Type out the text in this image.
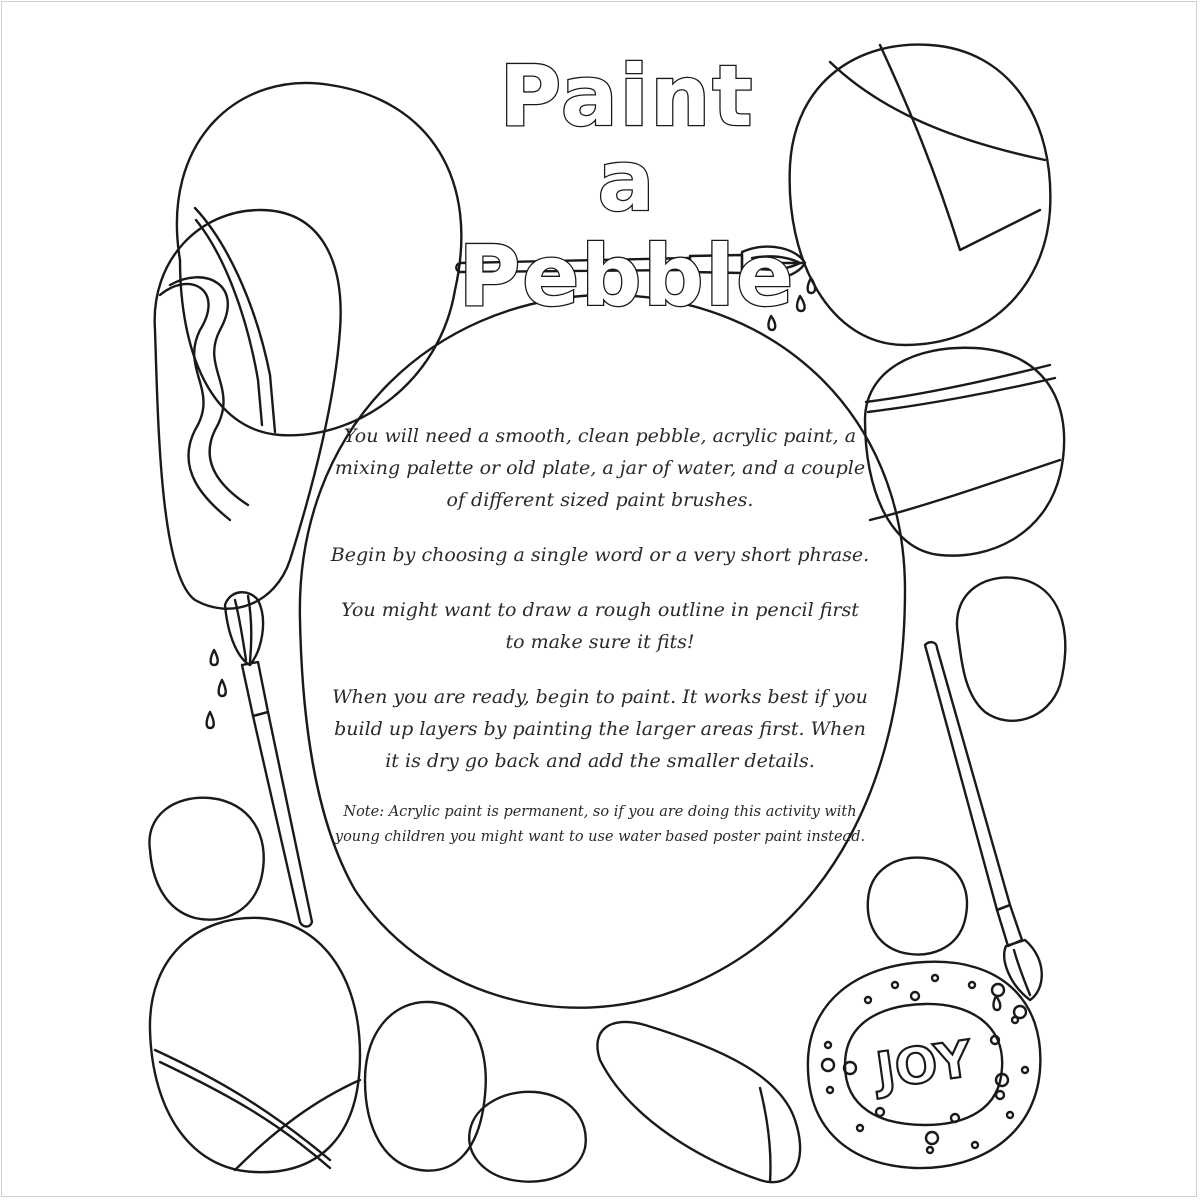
Paint
a
Pebble
JOY

You will need a smooth, clean pebble, acrylic paint, a mixing palette or old plate, a jar of water, and a couple of different sized paint brushes.

Begin by choosing a single word or a very short phrase.

You might want to draw a rough outline in pencil first to make sure it fits!

When you are ready, begin to paint. It works best if you build up layers by painting the larger areas first. When it is dry go back and add the smaller details.

Note: Acrylic paint is permanent, so if you are doing this activity with young children you might want to use water based poster paint instead.
